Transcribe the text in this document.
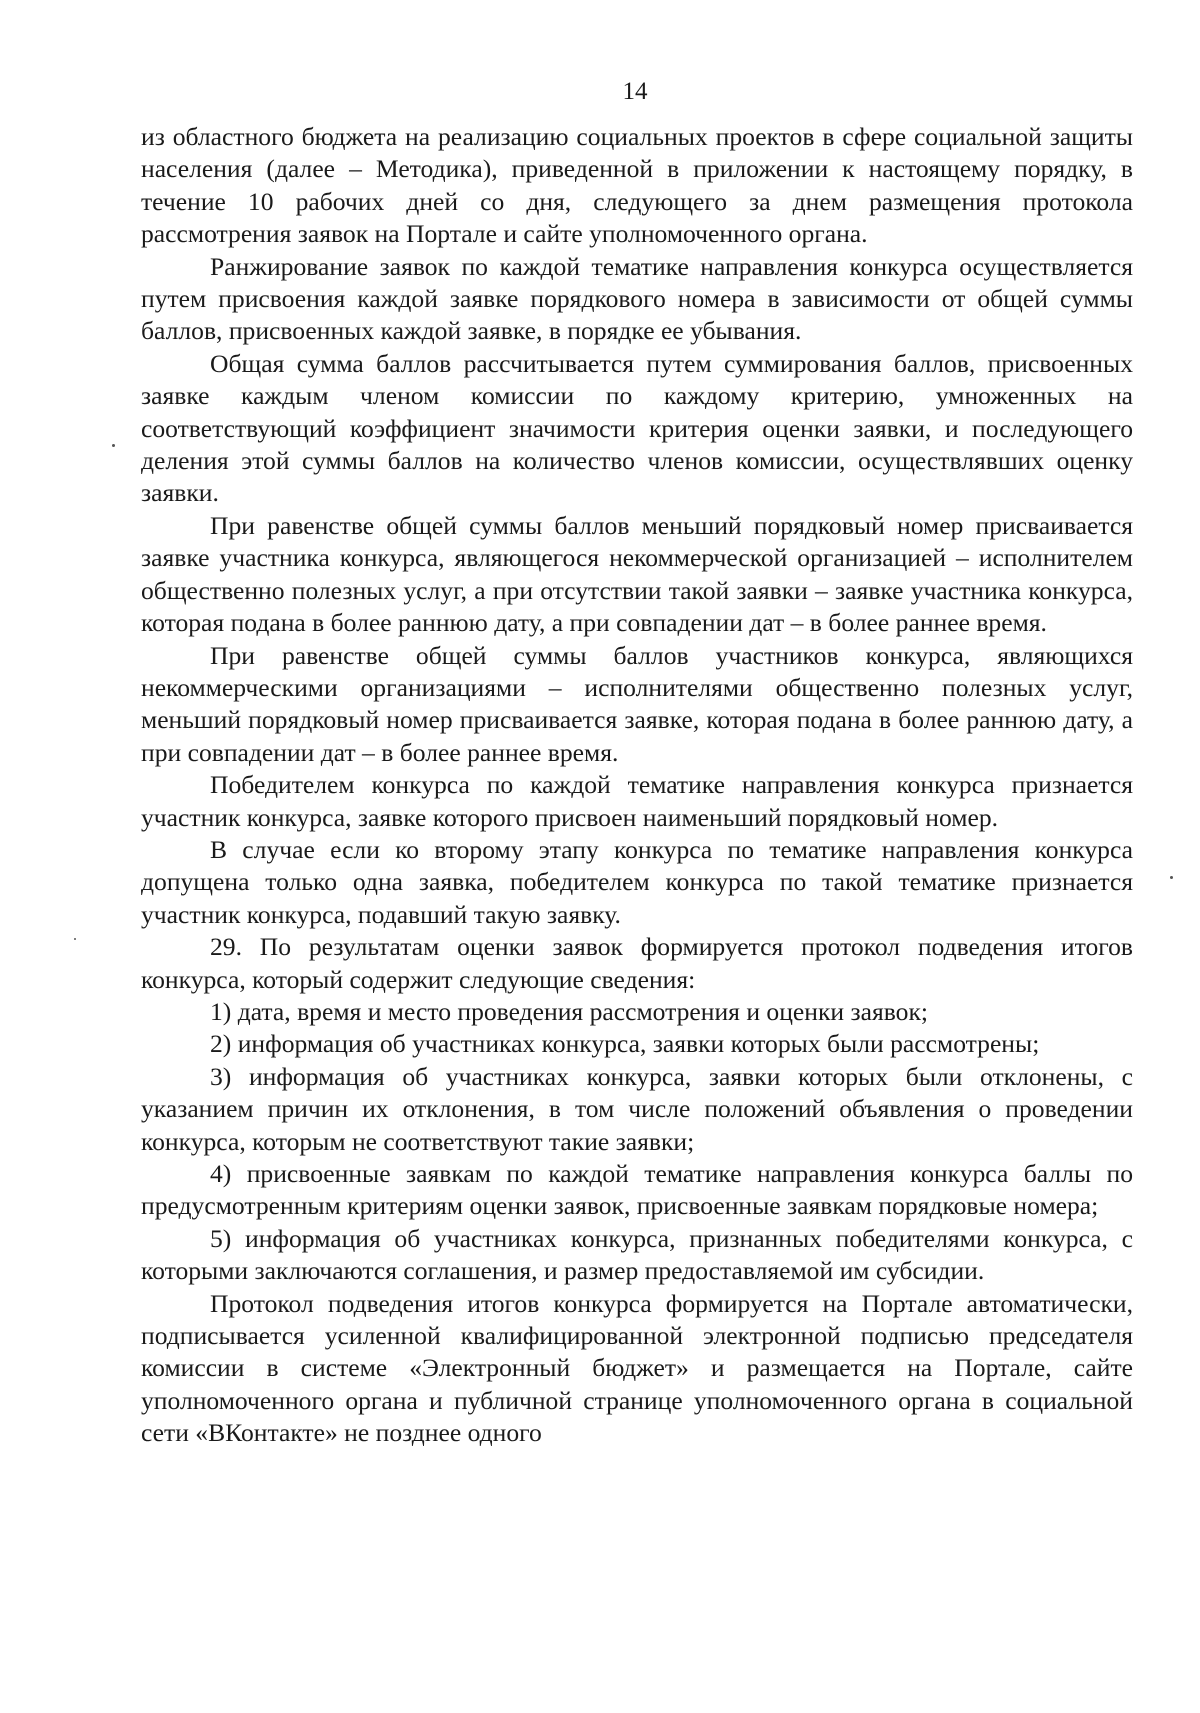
14

из областного бюджета на реализацию социальных проектов в сфере социальной защиты населения (далее – Методика), приведенной в приложении к настоящему порядку, в течение 10 рабочих дней со дня, следующего за днем размещения протокола рассмотрения заявок на Портале и сайте уполномоченного органа.

Ранжирование заявок по каждой тематике направления конкурса осуществляется путем присвоения каждой заявке порядкового номера в зависимости от общей суммы баллов, присвоенных каждой заявке, в порядке ее убывания.

Общая сумма баллов рассчитывается путем суммирования баллов, присвоенных заявке каждым членом комиссии по каждому критерию, умноженных на соответствующий коэффициент значимости критерия оценки заявки, и последующего деления этой суммы баллов на количество членов комиссии, осуществлявших оценку заявки.

При равенстве общей суммы баллов меньший порядковый номер присваивается заявке участника конкурса, являющегося некоммерческой организацией – исполнителем общественно полезных услуг, а при отсутствии такой заявки – заявке участника конкурса, которая подана в более раннюю дату, а при совпадении дат – в более раннее время.

При равенстве общей суммы баллов участников конкурса, являющихся некоммерческими организациями – исполнителями общественно полезных услуг, меньший порядковый номер присваивается заявке, которая подана в более раннюю дату, а при совпадении дат – в более раннее время.

Победителем конкурса по каждой тематике направления конкурса признается участник конкурса, заявке которого присвоен наименьший порядковый номер.

В случае если ко второму этапу конкурса по тематике направления конкурса допущена только одна заявка, победителем конкурса по такой тематике признается участник конкурса, подавший такую заявку.

29. По результатам оценки заявок формируется протокол подведения итогов конкурса, который содержит следующие сведения:

1) дата, время и место проведения рассмотрения и оценки заявок;

2) информация об участниках конкурса, заявки которых были рассмотрены;

3) информация об участниках конкурса, заявки которых были отклонены, с указанием причин их отклонения, в том числе положений объявления о проведении конкурса, которым не соответствуют такие заявки;

4) присвоенные заявкам по каждой тематике направления конкурса баллы по предусмотренным критериям оценки заявок, присвоенные заявкам порядковые номера;

5) информация об участниках конкурса, признанных победителями конкурса, с которыми заключаются соглашения, и размер предоставляемой им субсидии.

Протокол подведения итогов конкурса формируется на Портале автоматически, подписывается усиленной квалифицированной электронной подписью председателя комиссии в системе «Электронный бюджет» и размещается на Портале, сайте уполномоченного органа и публичной странице уполномоченного органа в социальной сети «ВКонтакте» не позднее одного
